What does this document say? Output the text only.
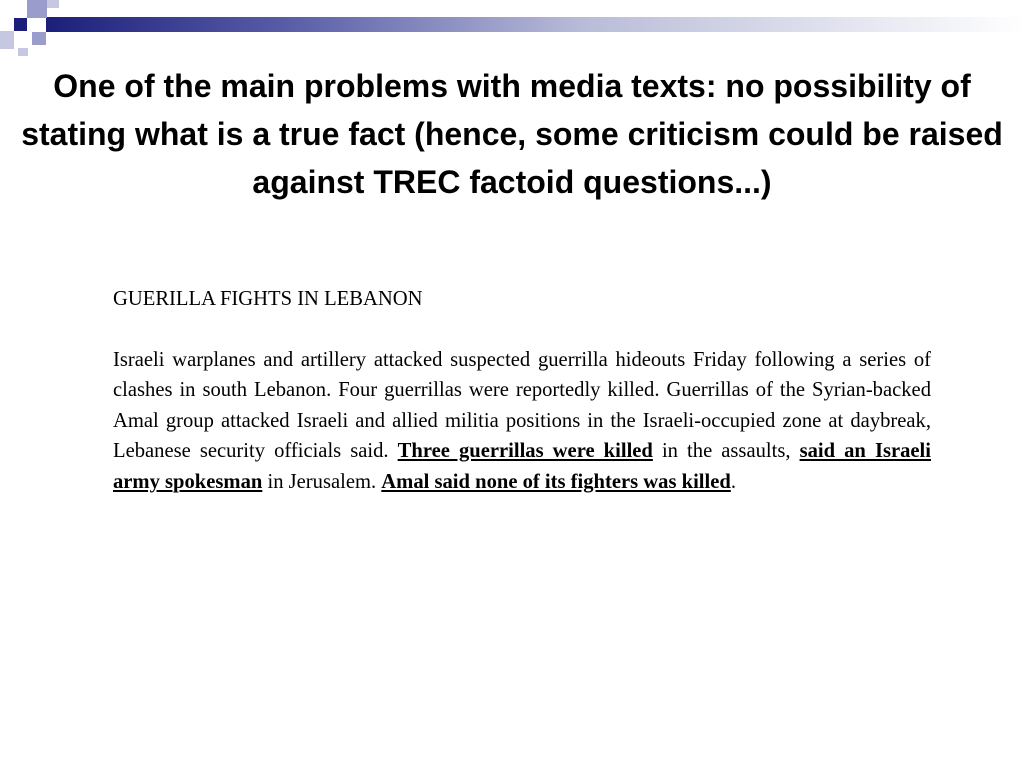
One of the main problems with media texts: no possibility of stating what is a true fact (hence, some criticism could be raised against TREC factoid questions...)

GUERILLA FIGHTS IN LEBANON

Israeli warplanes and artillery attacked suspected guerrilla hideouts Friday following a series of clashes in south Lebanon. Four guerrillas were reportedly killed. Guerrillas of the Syrian-backed Amal group attacked Israeli and allied militia positions in the Israeli-occupied zone at daybreak, Lebanese security officials said. Three guerrillas were killed in the assaults, said an Israeli army spokesman in Jerusalem. Amal said none of its fighters was killed.
